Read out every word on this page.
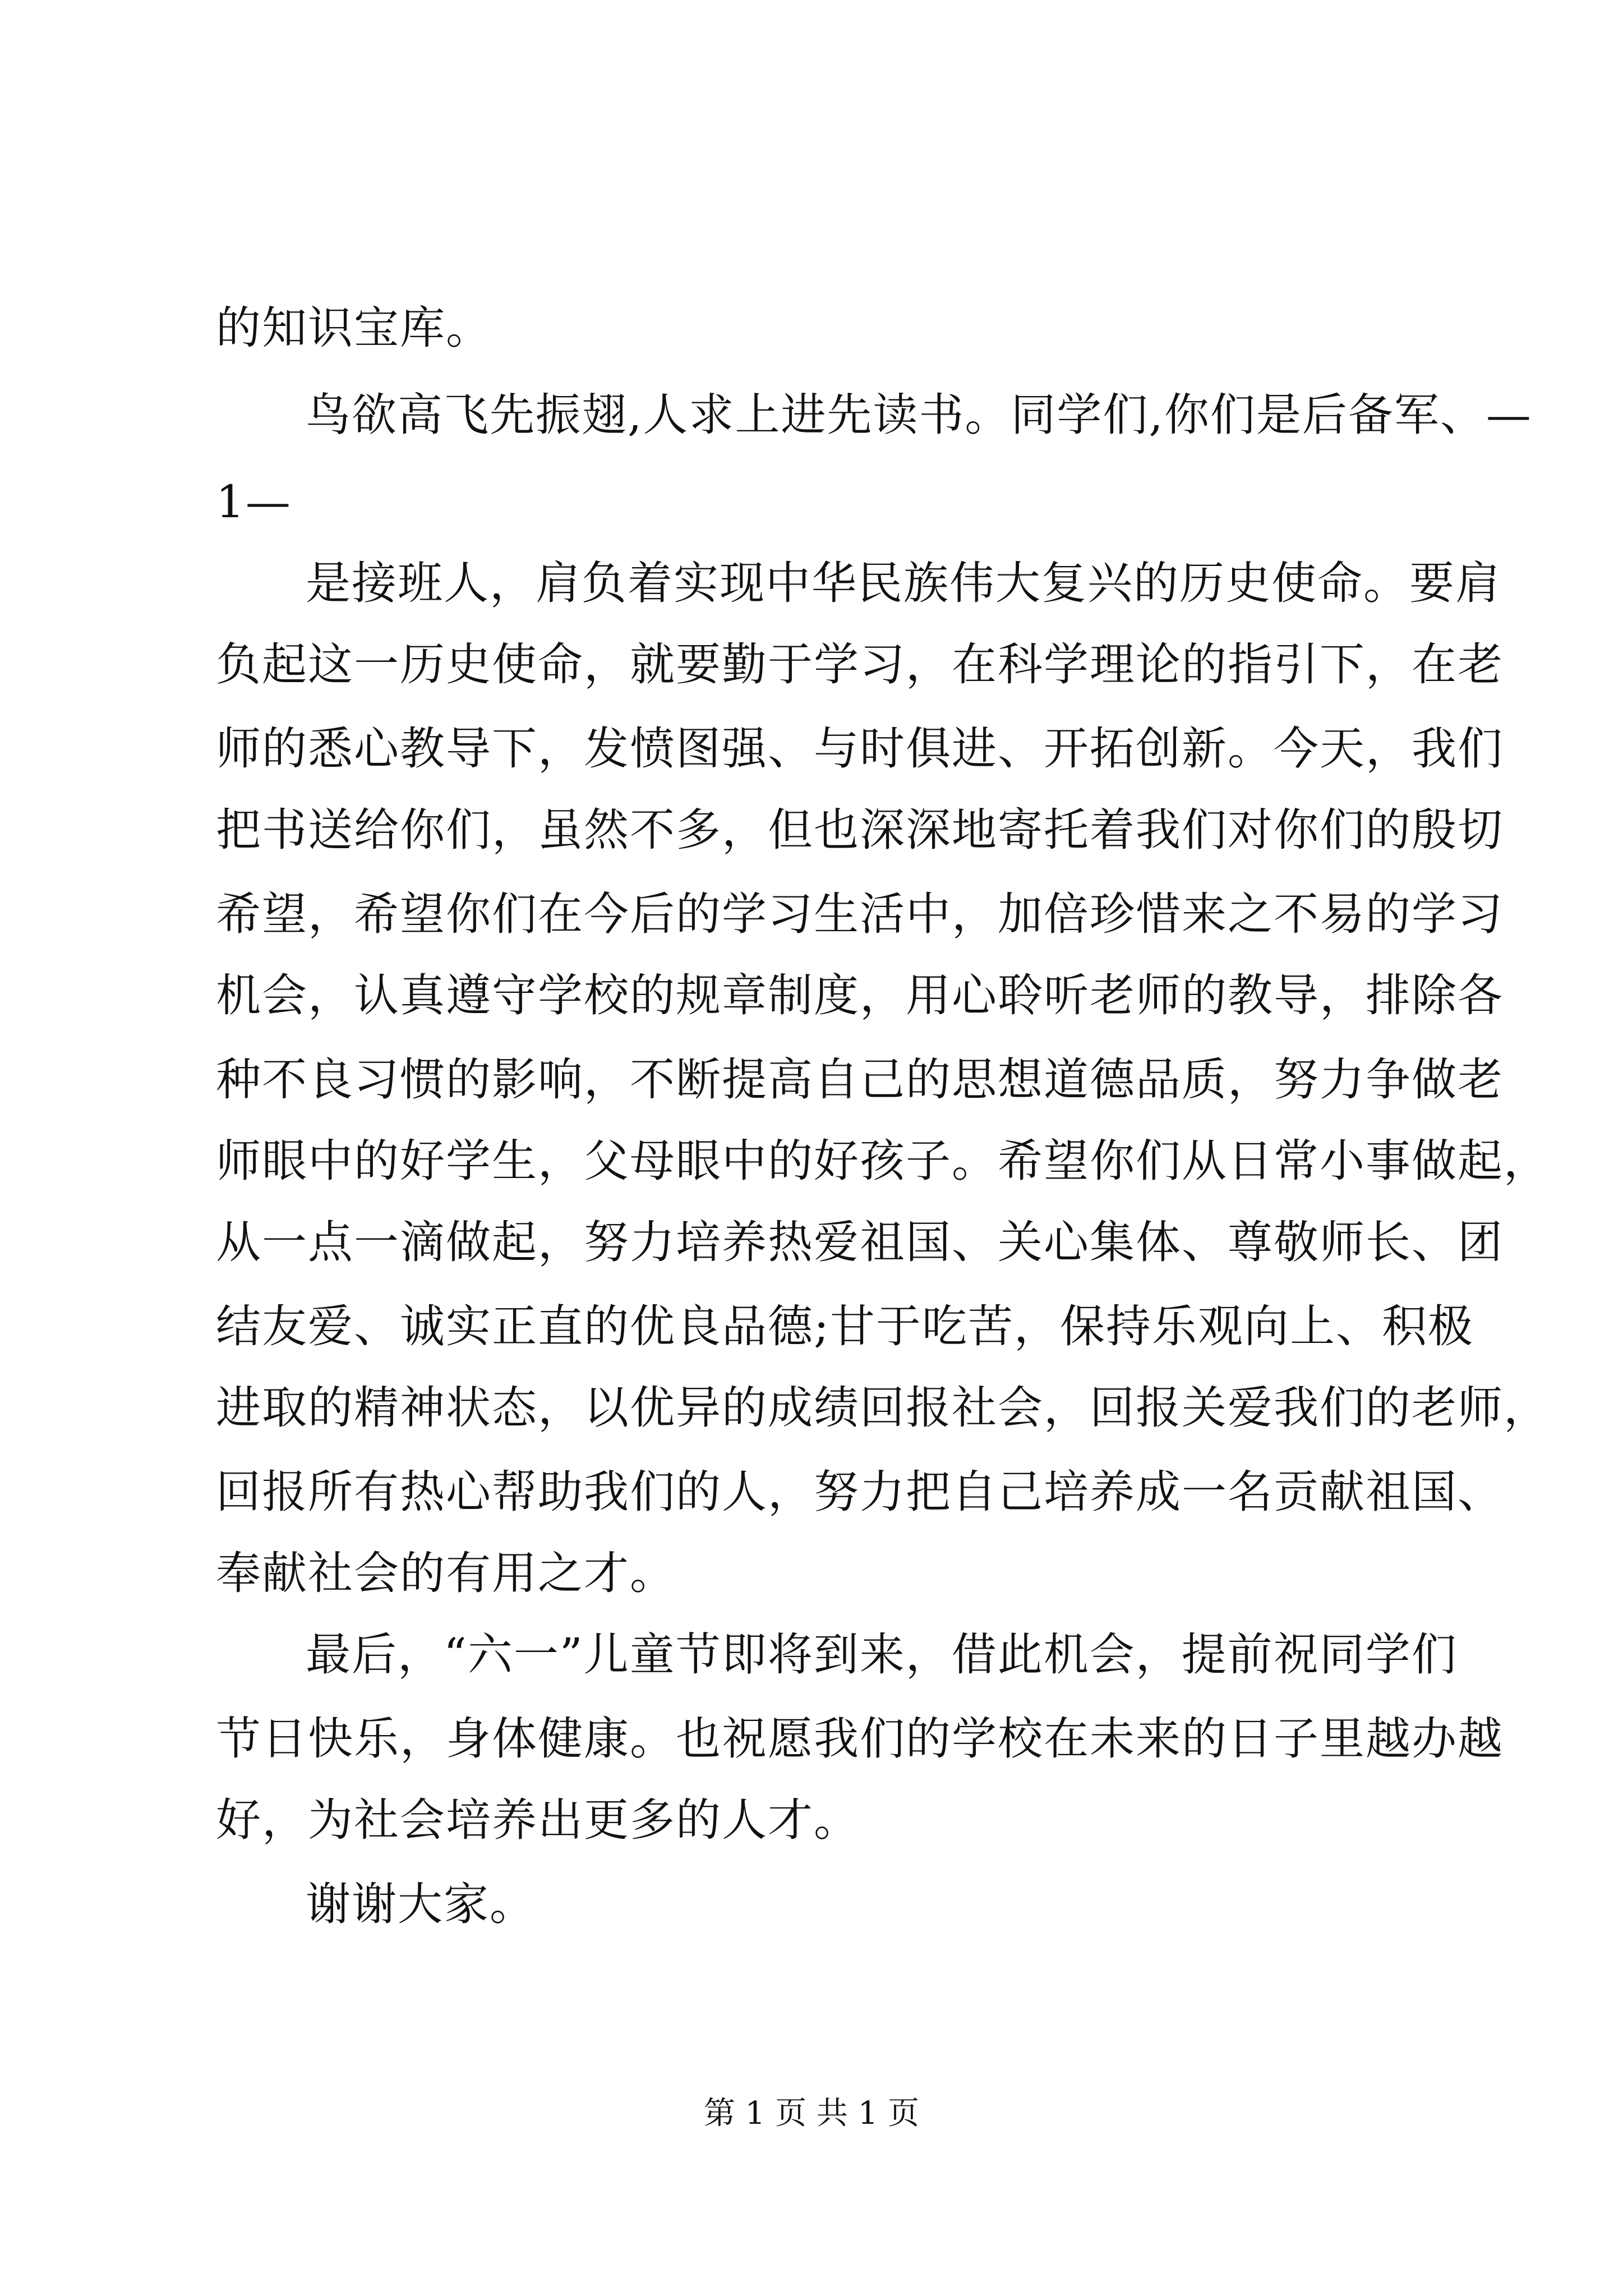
的知识宝库。
鸟欲高飞先振翅,人求上进先读书。同学们,你们是后备军、—
1—
是接班人，肩负着实现中华民族伟大复兴的历史使命。要肩
负起这一历史使命，就要勤于学习，在科学理论的指引下，在老
师的悉心教导下，发愤图强、与时俱进、开拓创新。今天，我们
把书送给你们，虽然不多，但也深深地寄托着我们对你们的殷切
希望，希望你们在今后的学习生活中，加倍珍惜来之不易的学习
机会，认真遵守学校的规章制度，用心聆听老师的教导，排除各
种不良习惯的影响，不断提高自己的思想道德品质，努力争做老
师眼中的好学生，父母眼中的好孩子。希望你们从日常小事做起，
从一点一滴做起，努力培养热爱祖国、关心集体、尊敬师长、团
结友爱、诚实正直的优良品德;甘于吃苦，保持乐观向上、积极
进取的精神状态，以优异的成绩回报社会，回报关爱我们的老师，
回报所有热心帮助我们的人，努力把自己培养成一名贡献祖国、
奉献社会的有用之才。
最后，“六一”儿童节即将到来，借此机会，提前祝同学们
节日快乐，身体健康。也祝愿我们的学校在未来的日子里越办越
好，为社会培养出更多的人才。
谢谢大家。
第 1 页 共 1 页
